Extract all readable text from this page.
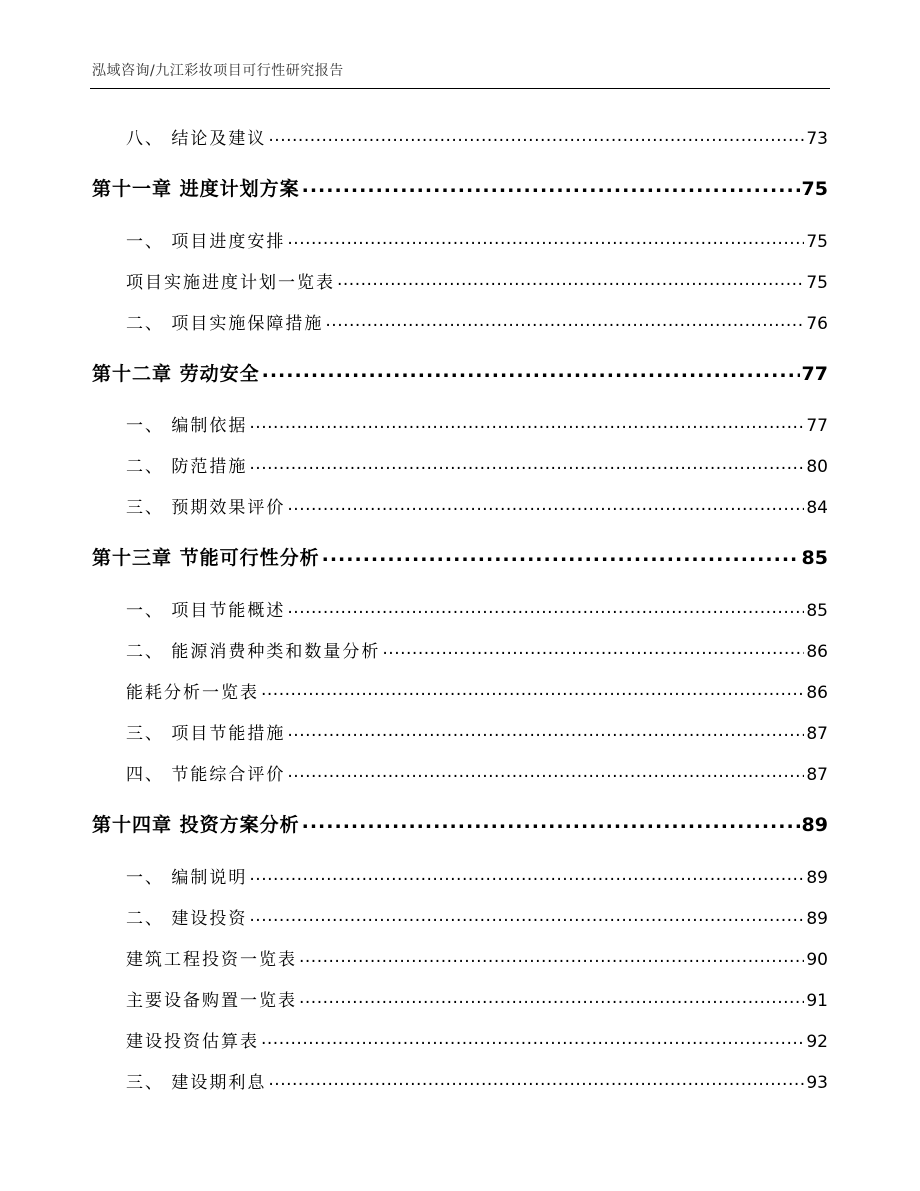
泓域咨询/九江彩妆项目可行性研究报告
八、 结论及建议 .....	73
第十一章 进度计划方案 .....	75
一、 项目进度安排 .....	75
项目实施进度计划一览表 .....	75
二、 项目实施保障措施 .....	76
第十二章 劳动安全 .....	77
一、 编制依据 .....	77
二、 防范措施 .....	80
三、 预期效果评价 .....	84
第十三章 节能可行性分析 .....	85
一、 项目节能概述 .....	85
二、 能源消费种类和数量分析 .....	86
能耗分析一览表 .....	86
三、 项目节能措施 .....	87
四、 节能综合评价 .....	87
第十四章 投资方案分析 .....	89
一、 编制说明 .....	89
二、 建设投资 .....	89
建筑工程投资一览表 .....	90
主要设备购置一览表 .....	91
建设投资估算表 .....	92
三、 建设期利息 .....	93
